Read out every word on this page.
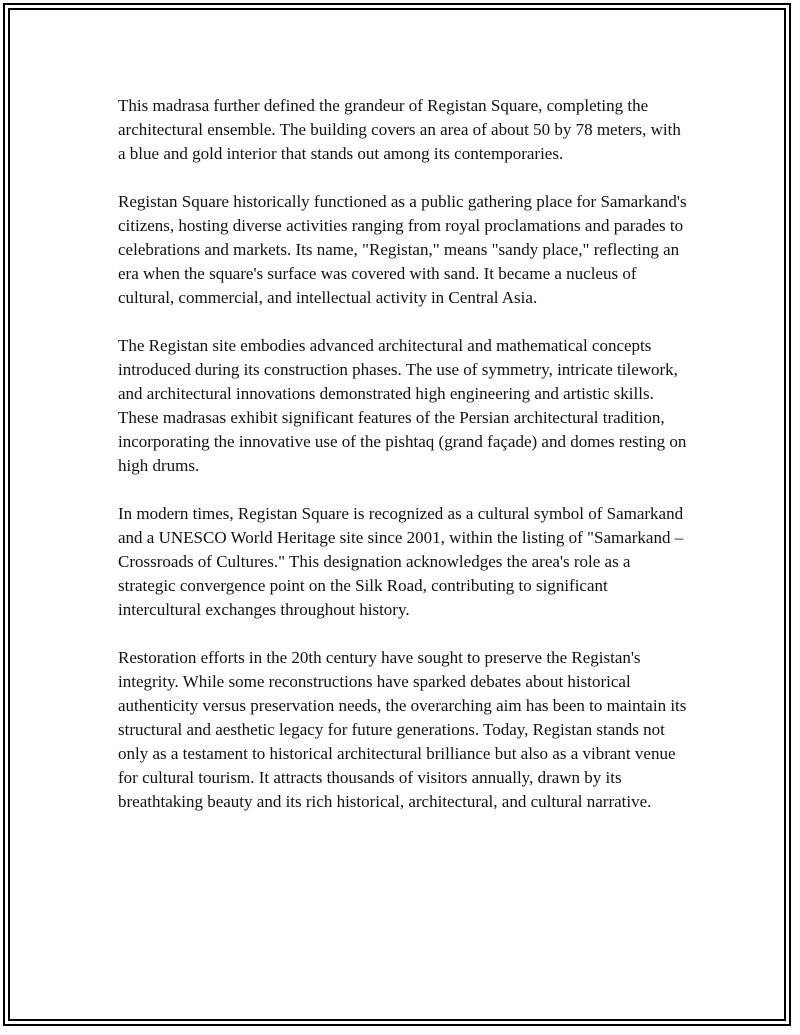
This madrasa further defined the grandeur of Registan Square, completing the architectural ensemble. The building covers an area of about 50 by 78 meters, with a blue and gold interior that stands out among its contemporaries.

Registan Square historically functioned as a public gathering place for Samarkand's citizens, hosting diverse activities ranging from royal proclamations and parades to celebrations and markets. Its name, "Registan," means "sandy place," reflecting an era when the square's surface was covered with sand. It became a nucleus of cultural, commercial, and intellectual activity in Central Asia.

The Registan site embodies advanced architectural and mathematical concepts introduced during its construction phases. The use of symmetry, intricate tilework, and architectural innovations demonstrated high engineering and artistic skills. These madrasas exhibit significant features of the Persian architectural tradition, incorporating the innovative use of the pishtaq (grand façade) and domes resting on high drums.

In modern times, Registan Square is recognized as a cultural symbol of Samarkand and a UNESCO World Heritage site since 2001, within the listing of "Samarkand – Crossroads of Cultures." This designation acknowledges the area's role as a strategic convergence point on the Silk Road, contributing to significant intercultural exchanges throughout history.

Restoration efforts in the 20th century have sought to preserve the Registan's integrity. While some reconstructions have sparked debates about historical authenticity versus preservation needs, the overarching aim has been to maintain its structural and aesthetic legacy for future generations. Today, Registan stands not only as a testament to historical architectural brilliance but also as a vibrant venue for cultural tourism. It attracts thousands of visitors annually, drawn by its breathtaking beauty and its rich historical, architectural, and cultural narrative.
